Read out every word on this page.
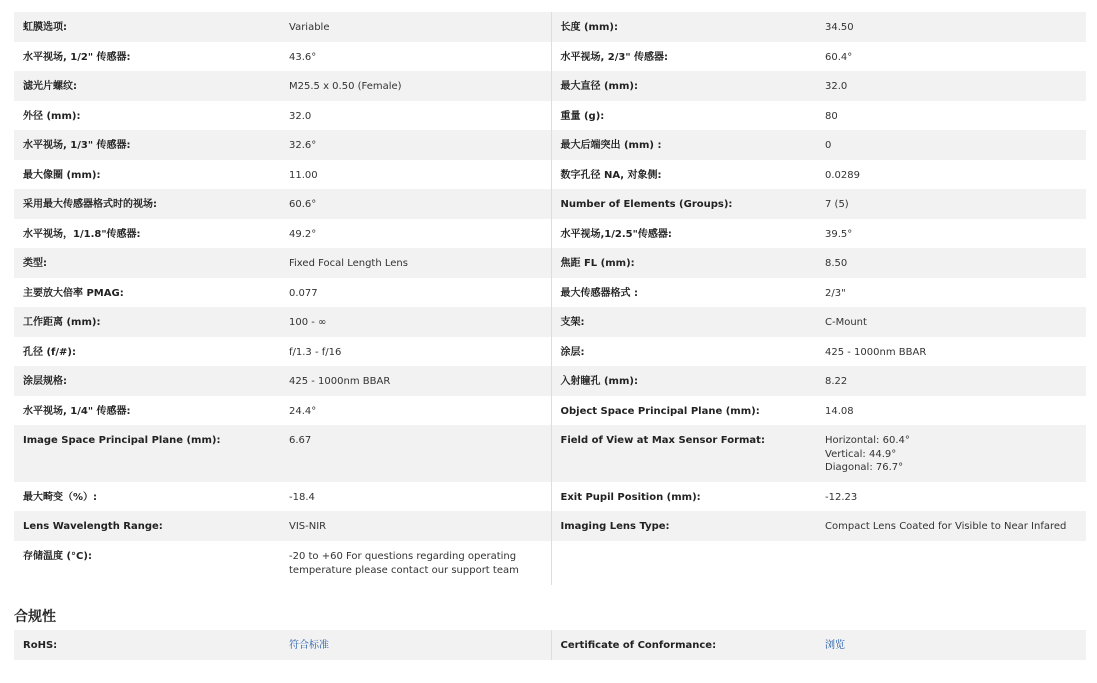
虹膜选项:	Variable	长度 (mm):	34.50
水平视场, 1/2" 传感器:	43.6°	水平视场, 2/3" 传感器:	60.4°
滤光片螺纹:	M25.5 x 0.50 (Female)	最大直径 (mm):	32.0
外径 (mm):	32.0	重量 (g):	80
水平视场, 1/3" 传感器:	32.6°	最大后端突出 (mm) :	0
最大像圈 (mm):	11.00	数字孔径 NA, 对象侧:	0.0289
采用最大传感器格式时的视场:	60.6°	Number of Elements (Groups):	7 (5)
水平视场，1/1.8"传感器:	49.2°	水平视场,1/2.5"传感器:	39.5°
类型:	Fixed Focal Length Lens	焦距 FL (mm):	8.50
主要放大倍率 PMAG:	0.077	最大传感器格式 :	2/3"
工作距离 (mm):	100 - ∞	支架:	C-Mount
孔径 (f/#):	f/1.3 - f/16	涂层:	425 - 1000nm BBAR
涂层规格:	425 - 1000nm BBAR	入射瞳孔 (mm):	8.22
水平视场, 1/4" 传感器:	24.4°	Object Space Principal Plane (mm):	14.08
Image Space Principal Plane (mm):	6.67	Field of View at Max Sensor Format:	Horizontal: 60.4°
Vertical: 44.9°
Diagonal: 76.7°

最大畸变（%）:	-18.4	Exit Pupil Position (mm):	-12.23
Lens Wavelength Range:	VIS-NIR	Imaging Lens Type:	Compact Lens Coated for Visible to Near Infared
存储温度 (°C):	-20 to +60 For questions regarding operating
temperature please contact our support team		

合规性
RoHS:	符合标准	Certificate of Conformance:	浏览
